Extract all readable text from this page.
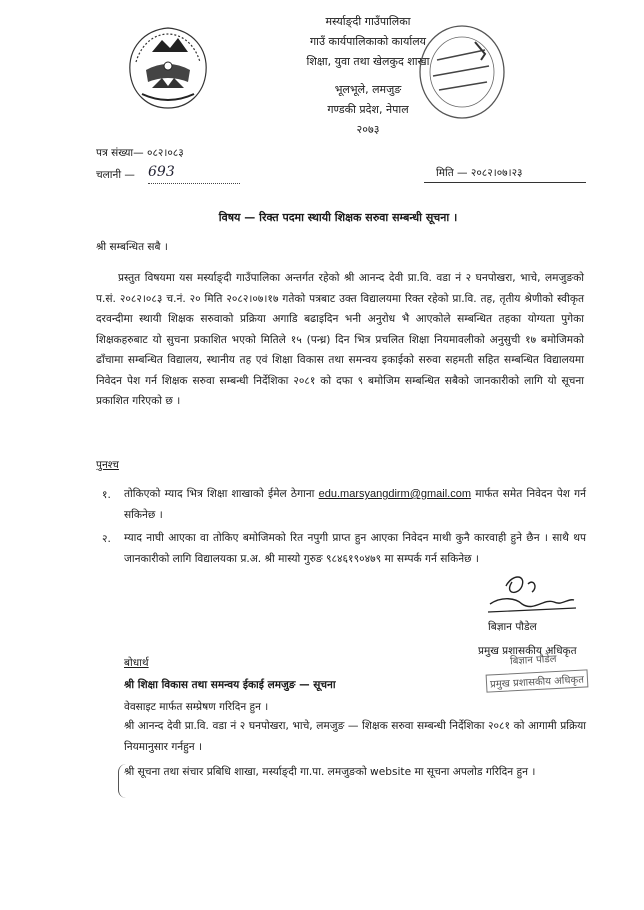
मर्स्याङ्दी गाउँपालिका
गाउँ कार्यपालिकाको कार्यालय
शिक्षा, युवा तथा खेलकुद शाखा
भूलभूले, लमजुङ
गण्डकी प्रदेश, नेपाल
२०७३
पत्र संख्या— ०८२।०८३
चलानी — 693	मिति — २०८२।०७।२३
विषय — रिक्त पदमा स्थायी शिक्षक सरुवा सम्बन्धी सूचना ।
श्री सम्बन्धित सबै ।
प्रस्तुत विषयमा यस मर्स्याङ्दी गाउँपालिका अन्तर्गत रहेको श्री आनन्द देवी प्रा.वि. वडा नं २ घनपोखरा, भाचे, लमजुङको प.सं. २०८२।०८३ च.नं. २० मिति २०८२।०७।१७ गतेको पत्रबाट उक्त विद्यालयमा रिक्त रहेको प्रा.वि. तह, तृतीय श्रेणीको स्वीकृत दरवन्दीमा स्थायी शिक्षक सरुवाको प्रक्रिया अगाडि बढाइदिन भनी अनुरोध भै आएकोले सम्बन्धित तहका योग्यता पुगेका शिक्षकहरुबाट यो सुचना प्रकाशित भएको मितिले १५ (पन्ध्र) दिन भित्र प्रचलित शिक्षा नियमावलीको अनुसुची १७ बमोजिमको ढाँचामा सम्बन्धित विद्यालय, स्थानीय तह एवं शिक्षा विकास तथा समन्वय इकाईको सरुवा सहमती सहित सम्बन्धित विद्यालयमा निवेदन पेश गर्न शिक्षक सरुवा सम्बन्धी निर्देशिका २०८१ को दफा ९ बमोजिम सम्बन्धित सबैको जानकारीको लागि यो सूचना प्रकाशित गरिएको छ ।
पुनश्च
१. तोकिएको म्याद भित्र शिक्षा शाखाको ईमेल ठेगाना edu.marsyangdirm@gmail.com मार्फत समेत निवेदन पेश गर्न सकिनेछ ।
२. म्याद नाघी आएका वा तोकिए बमोजिमको रित नपुगी प्राप्त हुन आएका निवेदन माथी कुनै कारवाही हुने छैन । साथै थप जानकारीको लागि विद्यालयका प्र.अ. श्री मास्यो गुरुङ ९८४६१९०४७९ मा सम्पर्क गर्न सकिनेछ ।
बिज्ञान पौडेल
प्रमुख प्रशासकीय अधिकृत
बिज्ञान पौडेल
प्रमुख प्रशासकीय अधिकृत
बोधार्थ
श्री शिक्षा विकास तथा समन्वय ईकाई लमजुङ — सूचना
वेवसाइट मार्फत सम्प्रेषण गरिदिन हुन ।
श्री आनन्द देवी प्रा.वि. वडा नं २ घनपोखरा, भाचे, लमजुङ — शिक्षक सरुवा सम्बन्धी निर्देशिका २०८१ को आगामी प्रक्रिया नियमानुसार गर्नहुन ।
श्री सूचना तथा संचार प्रबिधि शाखा, मर्स्याङ्दी गा.पा. लमजुङको website मा सूचना अपलोड गरिदिन हुन ।
